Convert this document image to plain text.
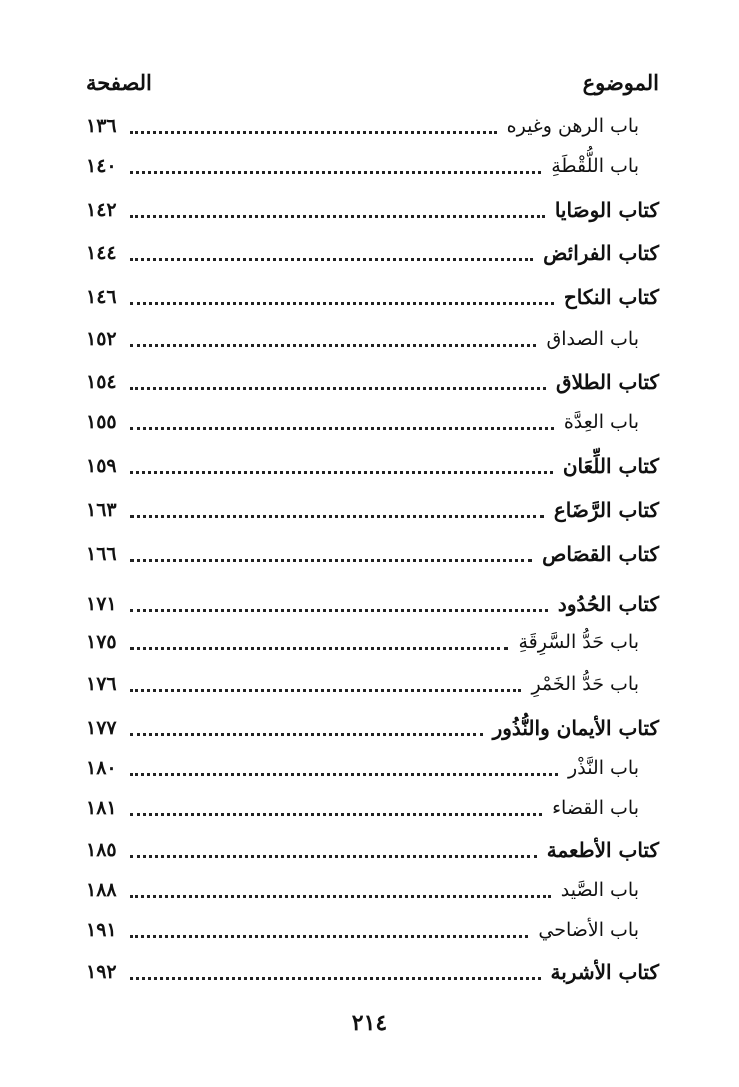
الموضوع
الصفحة
باب الرهن وغيره
١٣٦
باب اللُّقْطَةِ
١٤٠
كتاب الوصَايا
١٤٢
كتاب الفرائض
١٤٤
كتاب النكاح
١٤٦
باب الصداق
١٥٢
كتاب الطلاق
١٥٤
باب العِدَّة
١٥٥
كتاب اللِّعَان
١٥٩
كتاب الرَّضَاع
١٦٣
كتاب القصَاص
١٦٦
كتاب الحُدُود
١٧١
باب حَدُّ السَّرِقَةِ
١٧٥
باب حَدُّ الخَمْرِ
١٧٦
كتاب الأيمان والنُّذُور
١٧٧
باب النَّذْر
١٨٠
باب القضاء
١٨١
كتاب الأطعمة
١٨٥
باب الصَّيد
١٨٨
باب الأضاحي
١٩١
كتاب الأشربة
١٩٢
٢١٤
